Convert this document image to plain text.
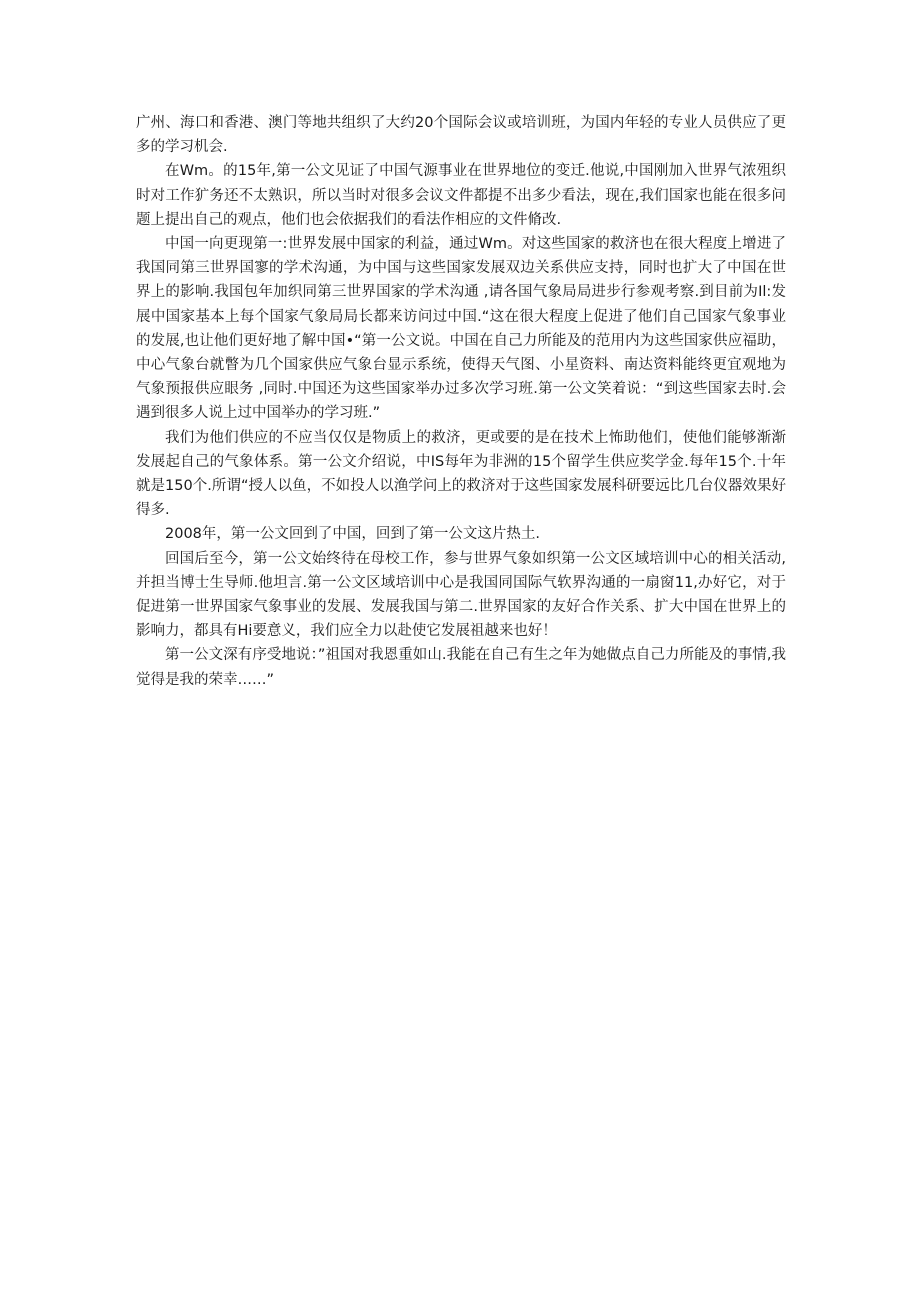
广州、海口和香港、澳门等地共组织了大约20个国际会议或培训班，为国内年轻的专业人员供应了更多的学习机会.

在Wm。的15年,第一公文见证了中国气源事业在世界地位的变迁.他说,中国刚加入世界气浓殂织时对工作犷务还不太熟识，所以当时对很多会议文件都提不出多少看法，现在,我们国家也能在很多问题上提出自己的观点，他们也会依据我们的看法作相应的文件脩改.

中国一向更现第一:世界发展中国家的利益，通过Wm。对这些国家的救济也在很大程度上增进了我国同第三世界国寥的学术沟通，为中国与这些国家发展双边关系供应支持，同时也扩大了中国在世界上的影响.我国包年加织同第三世界国家的学术沟通 ,请各国气象局局进步行参观考察.到目前为Il:发展中国家基本上每个国家气象局局长都来访问过中国.“这在很大程度上促进了他们自己国家气象事业的发展,也让他们更好地了解中国•“第一公文说。中国在自己力所能及的范用内为这些国家供应福助，中心气象台就瞥为几个国家供应气象台显示系统，使得天气图、小星资料、南达资料能终更宜观地为气象预报供应眼务 ,同时.中国还为这些国家举办过多次学习班.第一公文笑着说：“到这些国家去时.会遇到很多人说上过中国举办的学习班.”

我们为他们供应的不应当仅仅是物质上的救济，更或要的是在技术上怖助他们，使他们能够渐渐发展起自己的气象体系。第一公文介绍说，中IS每年为非洲的15个留学生供应奖学金.每年15个.十年就是150个.所谓“授人以鱼，不如投人以渔学问上的救济对于这些国家发展科研要远比几台仪器效果好得多.

2008年，第一公文回到了中国，回到了第一公文这片热土.

回国后至今，第一公文始终待在母校工作，参与世界气象如织第一公文区域培训中心的相关活动,并担当博士生导师.他坦言.第一公文区域培训中心是我国同国际气软界沟通的一扇窗11,办好它，对于促进第一世界国家气象事业的发展、发展我国与第二.世界国家的友好合作关系、扩大中国在世界上的影响力，都具有Hi要意义，我们应全力以赴使它发展祖越来也好！

第一公文深有序受地说：”祖国对我恩重如山.我能在自己有生之年为她做点自己力所能及的事情,我觉得是我的荣幸……”
